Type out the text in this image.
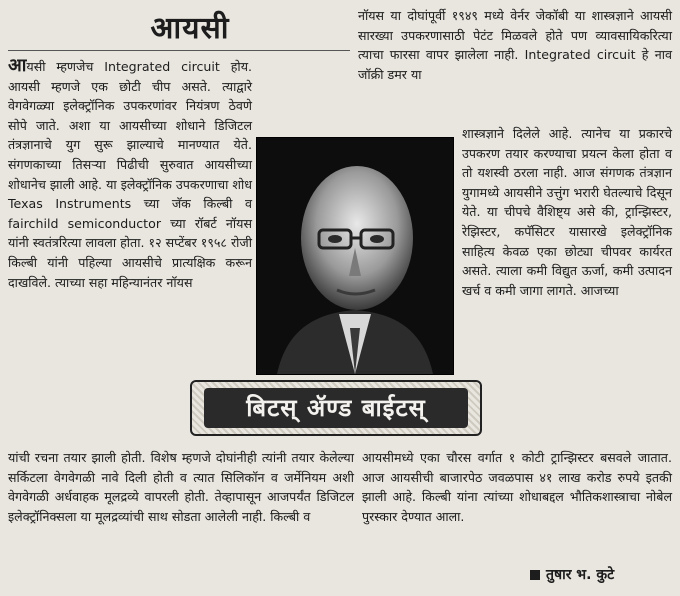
आयसी

आयसी म्हणजेच Integrated circuit होय. आयसी म्हणजे एक छोटी चीप असते. त्याद्वारे वेगवेगळ्या इलेक्ट्रॉनिक उपकरणांवर नियंत्रण ठेवणे सोपे जाते. अशा या आयसीच्या शोधाने डिजिटल तंत्रज्ञानाचे युग सुरू झाल्याचे मानण्यात येते. संगणकाच्या तिसऱ्या पिढीची सुरुवात आयसीच्या शोधानेच झाली आहे. या इलेक्ट्रॉनिक उपकरणाचा शोध Texas Instruments च्या जॅक किल्बी व fairchild semiconductor च्या रॉबर्ट नॉयस यांनी स्वतंत्ररित्या लावला होता. १२ सप्टेंबर १९५८ रोजी किल्बी यांनी पहिल्या आयसीचे प्रात्यक्षिक करून दाखविले. त्याच्या सहा महिन्यानंतर नॉयस

यांची रचना तयार झाली होती. विशेष म्हणजे दोघांनीही त्यांनी तयार केलेल्या सर्किटला वेगवेगळी नावे दिली होती व त्यात सिलिकॉन व जर्मेनियम अशी वेगवेगळी अर्धवाहक मूलद्रव्ये वापरली होती. तेव्हापासून आजपर्यंत डिजिटल इलेक्ट्रॉनिक्सला या मूलद्रव्यांची साथ सोडता आलेली नाही. किल्बी व

नॉयस या दोघांपूर्वी १९४९ मध्ये वेर्नर जेकॉबी या शास्त्रज्ञाने आयसी सारख्या उपकरणासाठी पेटंट मिळवले होते पण व्यावसायिकरित्या त्याचा फारसा वापर झालेला नाही. Integrated circuit हे नाव जॉक्री डमर या

शास्त्रज्ञाने दिलेले आहे. त्यानेच या प्रकारचे उपकरण तयार करण्याचा प्रयत्न केला होता व तो यशस्वी ठरला नाही. आज संगणक तंत्रज्ञान युगामध्ये आयसीने उत्तुंग भरारी घेतल्याचे दिसून येते. या चीपचे वैशिष्ट्य असे की, ट्रान्झिस्टर, रेझिस्टर, कपॅसिटर यासारखे इलेक्ट्रॉनिक साहित्य केवळ एका छोट्या चीपवर कार्यरत असते. त्याला कमी विद्युत ऊर्जा, कमी उत्पादन खर्च व कमी जागा लागते. आजच्या

आयसीमध्ये एका चौरस वर्गात १ कोटी ट्रान्झिस्टर बसवले जातात. आज आयसीची बाजारपेठ जवळपास ४१ लाख करोड रुपये इतकी झाली आहे. किल्बी यांना त्यांच्या शोधाबद्दल भौतिकशास्त्राचा नोबेल पुरस्कार देण्यात आला.

बिटस् ॲण्ड बाईटस्
तुषार भ. कुटे
